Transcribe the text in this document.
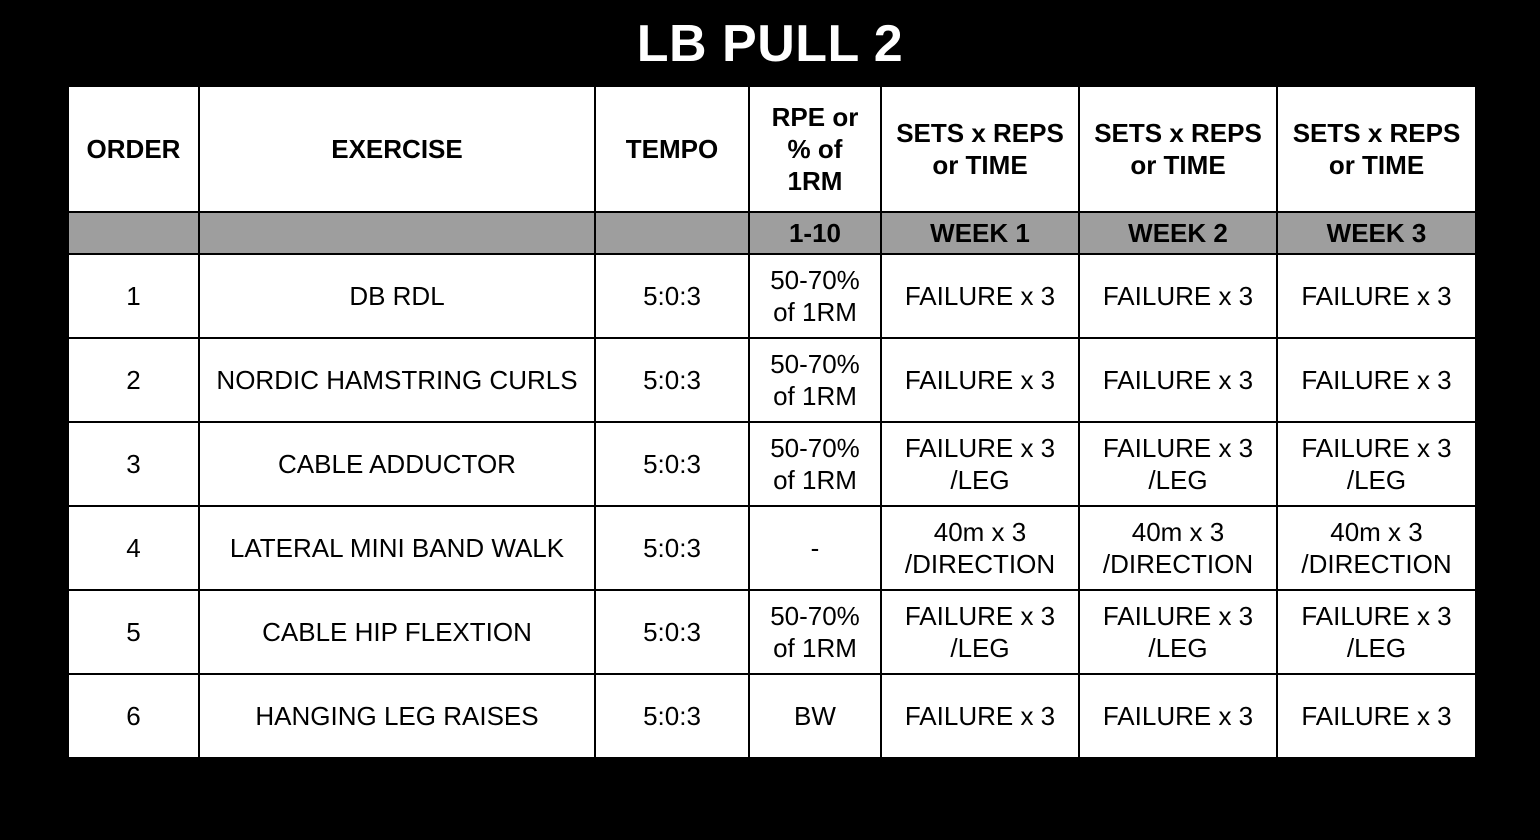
LB PULL 2
ORDER	EXERCISE	TEMPO	RPE or
% of
1RM	SETS x REPS
or TIME	SETS x REPS
or TIME	SETS x REPS
or TIME

			1-10	WEEK 1	WEEK 2	WEEK 3
1	DB RDL	5:0:3	50-70%
of 1RM	FAILURE x 3	FAILURE x 3	FAILURE x 3

2	NORDIC HAMSTRING CURLS	5:0:3	50-70%
of 1RM	FAILURE x 3	FAILURE x 3	FAILURE x 3

3	CABLE ADDUCTOR	5:0:3	50-70%
of 1RM	FAILURE x 3
/LEG	FAILURE x 3
/LEG	FAILURE x 3
/LEG

4	LATERAL MINI BAND WALK	5:0:3	-	40m x 3
/DIRECTION	40m x 3
/DIRECTION	40m x 3
/DIRECTION

5	CABLE HIP FLEXTION	5:0:3	50-70%
of 1RM	FAILURE x 3
/LEG	FAILURE x 3
/LEG	FAILURE x 3
/LEG

6	HANGING LEG RAISES	5:0:3	BW	FAILURE x 3	FAILURE x 3	FAILURE x 3
